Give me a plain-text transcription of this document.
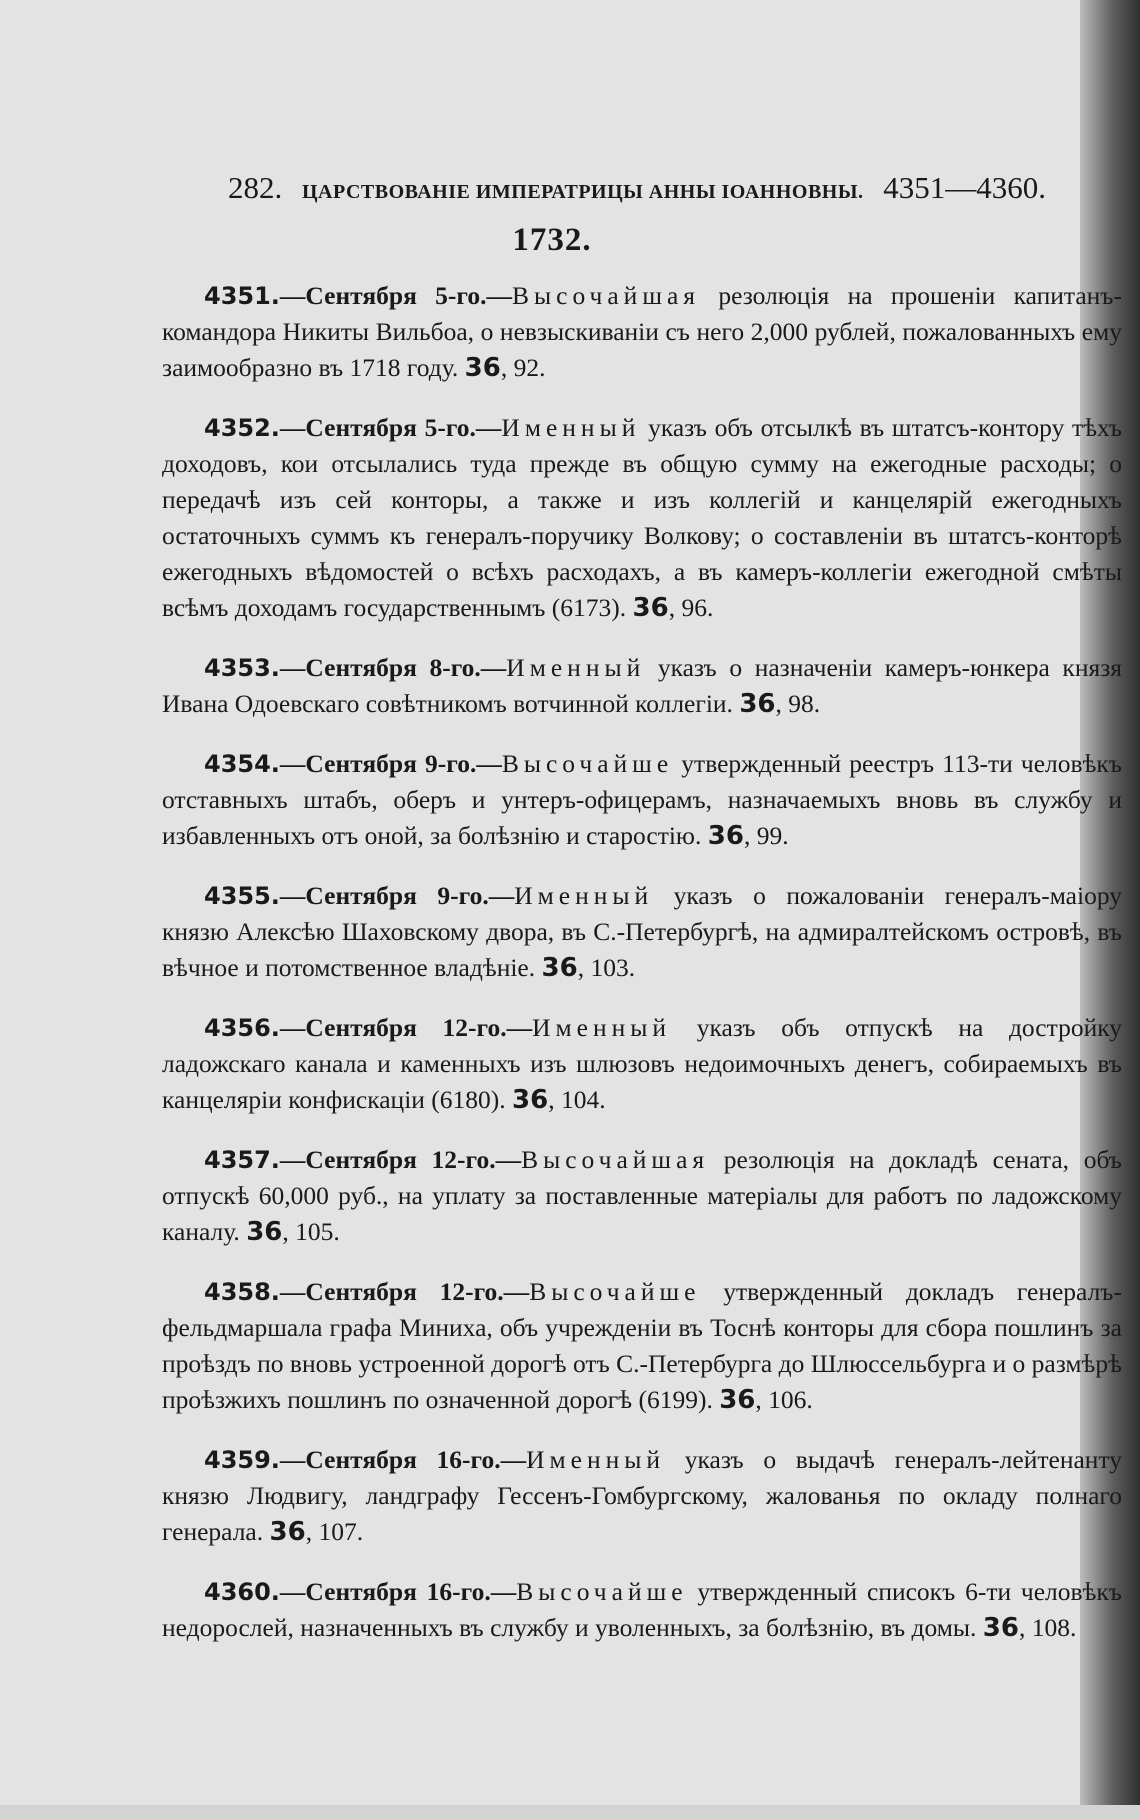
282. ЦАРСТВОВАНІЕ ИМПЕРАТРИЦЫ АННЫ ІОАННОВНЫ. 4351—4360.
1732.

4351.—Сентября 5-го.—Высочайшая резолюція на прошеніи капитанъ-командора Никиты Вильбоа, о невзыскиваніи съ него 2,000 рублей, пожалованныхъ ему заимообразно въ 1718 году. 36, 92.

4352.—Сентября 5-го.—Именный указъ объ отсылкѣ въ штатсъ-контору тѣхъ доходовъ, кои отсылались туда прежде въ общую сумму на ежегодные расходы; о передачѣ изъ сей конторы, а также и изъ коллегій и канцелярій ежегодныхъ остаточныхъ суммъ къ генералъ-поручику Волкову; о составленіи въ штатсъ-конторѣ ежегодныхъ вѣдомостей о всѣхъ расходахъ, а въ камеръ-коллегіи ежегодной смѣты всѣмъ доходамъ государственнымъ (6173). 36, 96.

4353.—Сентября 8-го.—Именный указъ о назначеніи камеръ-юнкера князя Ивана Одоевскаго совѣтникомъ вотчинной коллегіи. 36, 98.

4354.—Сентября 9-го.—Высочайше утвержденный реестръ 113-ти человѣкъ отставныхъ штабъ, оберъ и унтеръ-офицерамъ, назначаемыхъ вновь въ службу и избавленныхъ отъ оной, за болѣзнію и старостію. 36, 99.

4355.—Сентября 9-го.—Именный указъ о пожалованіи генералъ-маіору князю Алексѣю Шаховскому двора, въ С.-Петербургѣ, на адмиралтейскомъ островѣ, въ вѣчное и потомственное владѣніе. 36, 103.

4356.—Сентября 12-го.—Именный указъ объ отпускѣ на достройку ладожскаго канала и каменныхъ изъ шлюзовъ недоимочныхъ денегъ, собираемыхъ въ канцеляріи конфискаціи (6180). 36, 104.

4357.—Сентября 12-го.—Высочайшая резолюція на докладѣ сената, объ отпускѣ 60,000 руб., на уплату за поставленные матеріалы для работъ по ладожскому каналу. 36, 105.

4358.—Сентября 12-го.—Высочайше утвержденный докладъ генералъ-фельдмаршала графа Миниха, объ учрежденіи въ Тоснѣ конторы для сбора пошлинъ за проѣздъ по вновь устроенной дорогѣ отъ С.-Петербурга до Шлюссельбурга и о размѣрѣ проѣзжихъ пошлинъ по означенной дорогѣ (6199). 36, 106.

4359.—Сентября 16-го.—Именный указъ о выдачѣ генералъ-лейтенанту князю Людвигу, ландграфу Гессенъ-Гомбургскому, жалованья по окладу полнаго генерала. 36, 107.

4360.—Сентября 16-го.—Высочайше утвержденный списокъ 6-ти человѣкъ недорослей, назначенныхъ въ службу и уволенныхъ, за болѣзнію, въ домы. 36, 108.
